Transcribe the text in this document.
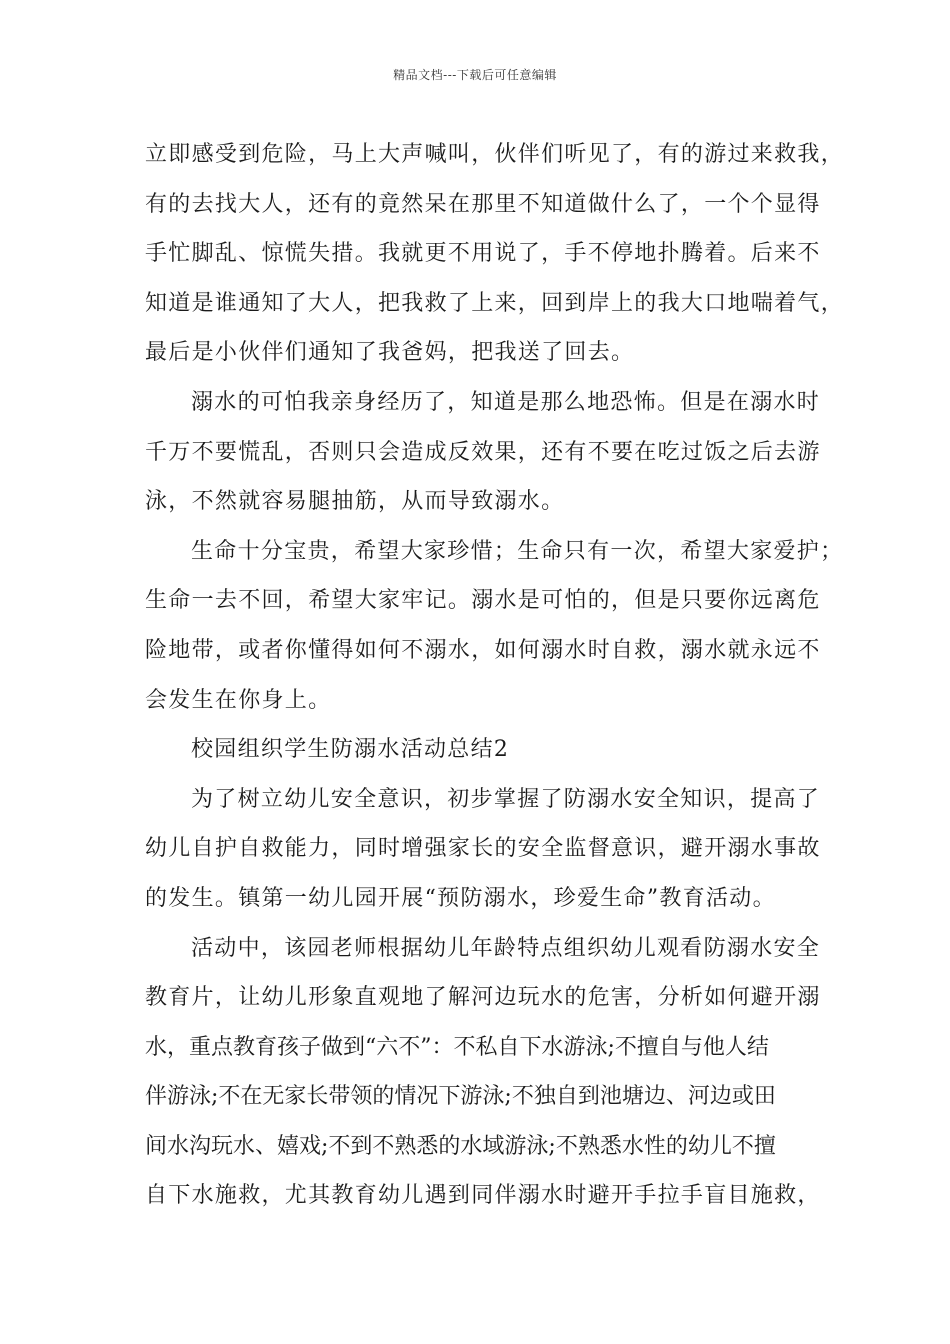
精品文档---下载后可任意编辑
立即感受到危险，马上大声喊叫，伙伴们听见了，有的游过来救我，
有的去找大人，还有的竟然呆在那里不知道做什么了，一个个显得
手忙脚乱、惊慌失措。我就更不用说了，手不停地扑腾着。后来不
知道是谁通知了大人，把我救了上来，回到岸上的我大口地喘着气，
最后是小伙伴们通知了我爸妈，把我送了回去。
溺水的可怕我亲身经历了，知道是那么地恐怖。但是在溺水时
千万不要慌乱，否则只会造成反效果，还有不要在吃过饭之后去游
泳，不然就容易腿抽筋，从而导致溺水。
生命十分宝贵，希望大家珍惜；生命只有一次，希望大家爱护；
生命一去不回，希望大家牢记。溺水是可怕的，但是只要你远离危
险地带，或者你懂得如何不溺水，如何溺水时自救，溺水就永远不
会发生在你身上。
校园组织学生防溺水活动总结2
为了树立幼儿安全意识，初步掌握了防溺水安全知识，提高了
幼儿自护自救能力，同时增强家长的安全监督意识，避开溺水事故
的发生。镇第一幼儿园开展“预防溺水，珍爱生命”教育活动。
活动中，该园老师根据幼儿年龄特点组织幼儿观看防溺水安全
教育片，让幼儿形象直观地了解河边玩水的危害，分析如何避开溺
水，重点教育孩子做到“六不”：不私自下水游泳;不擅自与他人结
伴游泳;不在无家长带领的情况下游泳;不独自到池塘边、河边或田
间水沟玩水、嬉戏;不到不熟悉的水域游泳;不熟悉水性的幼儿不擅
自下水施救，尤其教育幼儿遇到同伴溺水时避开手拉手盲目施救，
